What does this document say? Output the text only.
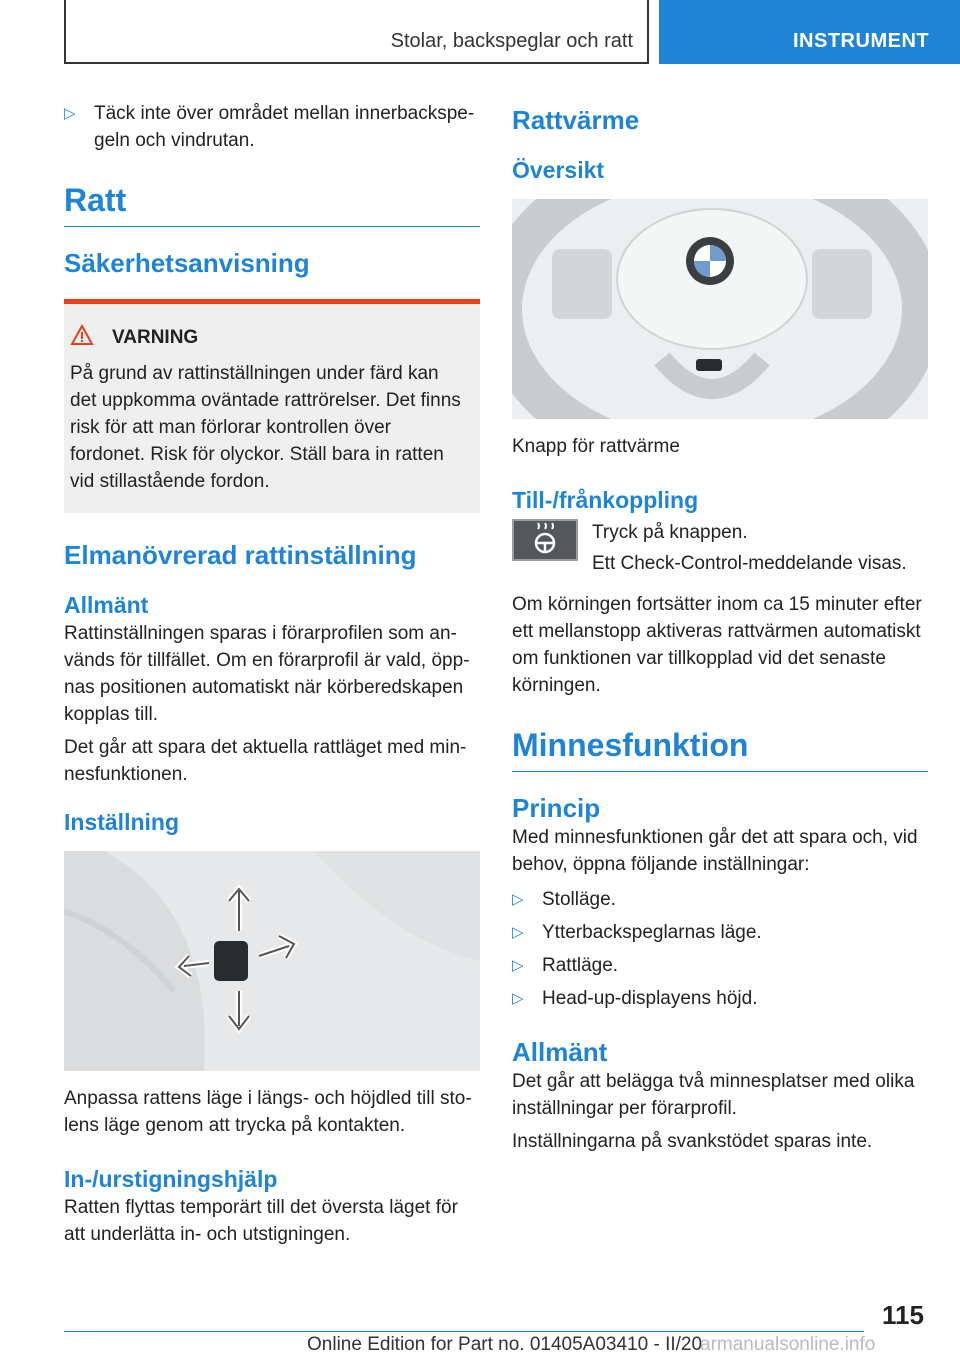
Stolar, backspeglar och ratt	INSTRUMENT
▷ Täck inte över området mellan innerbackspegeln och vindrutan.
Ratt
Säkerhetsanvisning
VARNING

På grund av rattinställningen under färd kan det uppkomma oväntade rattrörelser. Det finns risk för att man förlorar kontrollen över fordonet. Risk för olyckor. Ställ bara in ratten vid stillastående fordon.

Elmanövrerad rattinställning
Allmänt

Rattinställningen sparas i förarprofilen som används för tillfället. Om en förarprofil är vald, öppnas positionen automatiskt när körberedskapen kopplas till.

Det går att spara det aktuella rattläget med minnesfunktionen.

Inställning

Anpassa rattens läge i längs- och höjdled till stolens läge genom att trycka på kontakten.

In-/urstigningshjälp

Ratten flyttas temporärt till det översta läget för att underlätta in- och utstigningen.

Rattvärme
Översikt

Knapp för rattvärme

Till-/frånkoppling

Tryck på knappen.

Ett Check-Control-meddelande visas.

Om körningen fortsätter inom ca 15 minuter efter ett mellanstopp aktiveras rattvärmen automatiskt om funktionen var tillkopplad vid det senaste körningen.

Minnesfunktion
Princip

Med minnesfunktionen går det att spara och, vid behov, öppna följande inställningar:

▷ Stolläge.
▷ Ytterbackspeglarnas läge.
▷ Rattläge.
▷ Head-up-displayens höjd.
Allmänt

Det går att belägga två minnesplatser med olika inställningar per förarprofil.

Inställningarna på svankstödet sparas inte.

115
Online Edition for Part no. 01405A03410 - II/20
armanualsonline.info
